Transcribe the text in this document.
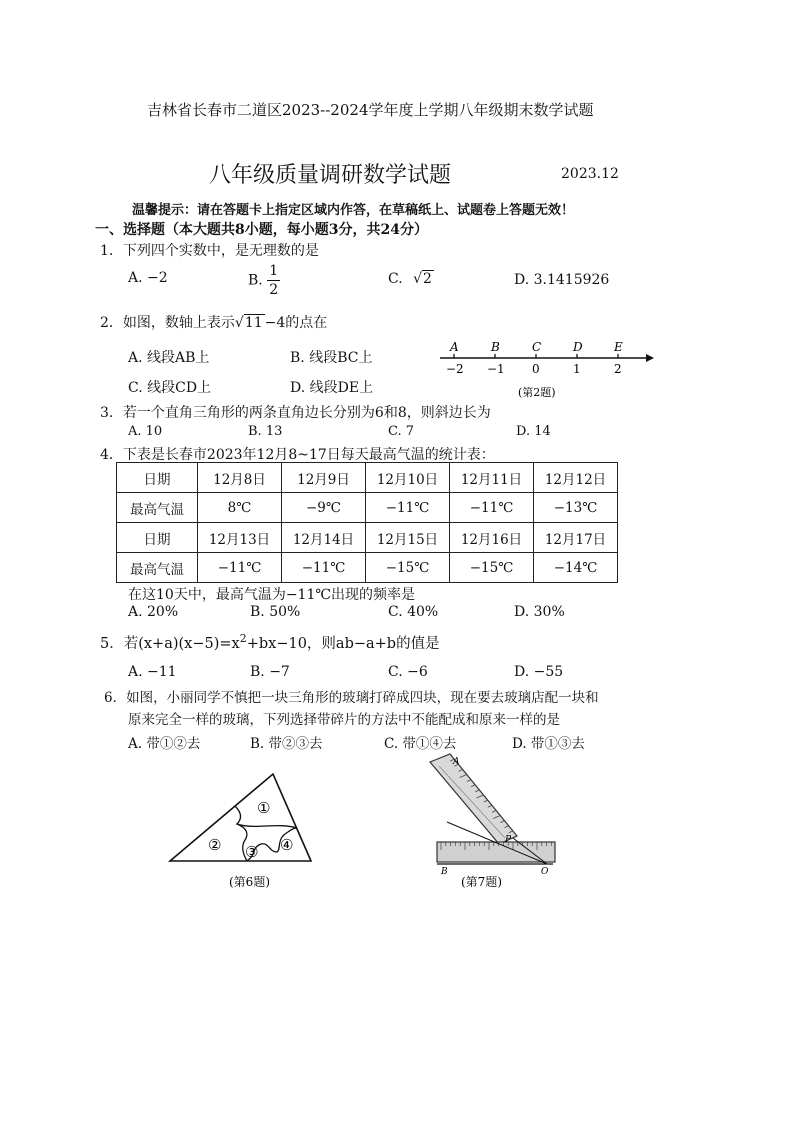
吉林省长春市二道区2023--2024学年度上学期八年级期末数学试题
八年级质量调研数学试题	2023.12
温馨提示：请在答题卡上指定区域内作答，在草稿纸上、试题卷上答题无效！
一、选择题（本大题共8小题，每小题3分，共24分）
1．下列四个实数中，是无理数的是
A. −2	B. $\frac{1}{2}$	C. √2	D. 3.1415926
2．如图，数轴上表示√11 −4的点在
A. 线段AB上	B. 线段BC上
C. 线段CD上	D. 线段DE上
A
−2
B
−1
C
0
D
1
E
2
(第2题)
3．若一个直角三角形的两条直角边长分别为6和8，则斜边长为
A. 10	B. 13	C. 7	D. 14
4．下表是长春市2023年12月8~17日每天最高气温的统计表：
日期	12月8日	12月9日	12月10日	12月11日	12月12日
最高气温	8℃	−9℃	−11℃	−11℃	−13℃
日期	12月13日	12月14日	12月15日	12月16日	12月17日
最高气温	−11℃	−11℃	−15℃	−15℃	−14℃
在这10天中，最高气温为−11℃出现的频率是
A. 20%	B. 50%	C. 40%	D. 30%
5．若$(x+a)(x-5)=x^2+bx-10$，则ab−a+b的值是
A. −11	B. −7	C. −6	D. −55
6．如图，小丽同学不慎把一块三角形的玻璃打碎成四块，现在要去玻璃店配一块和
原来完全一样的玻璃，下列选择带碎片的方法中不能配成和原来一样的是
A. 带①②去	B. 带②③去	C. 带①④去	D. 带①③去
①
② ③ ④
(第6题)
A
P
B	O
(第7题)
